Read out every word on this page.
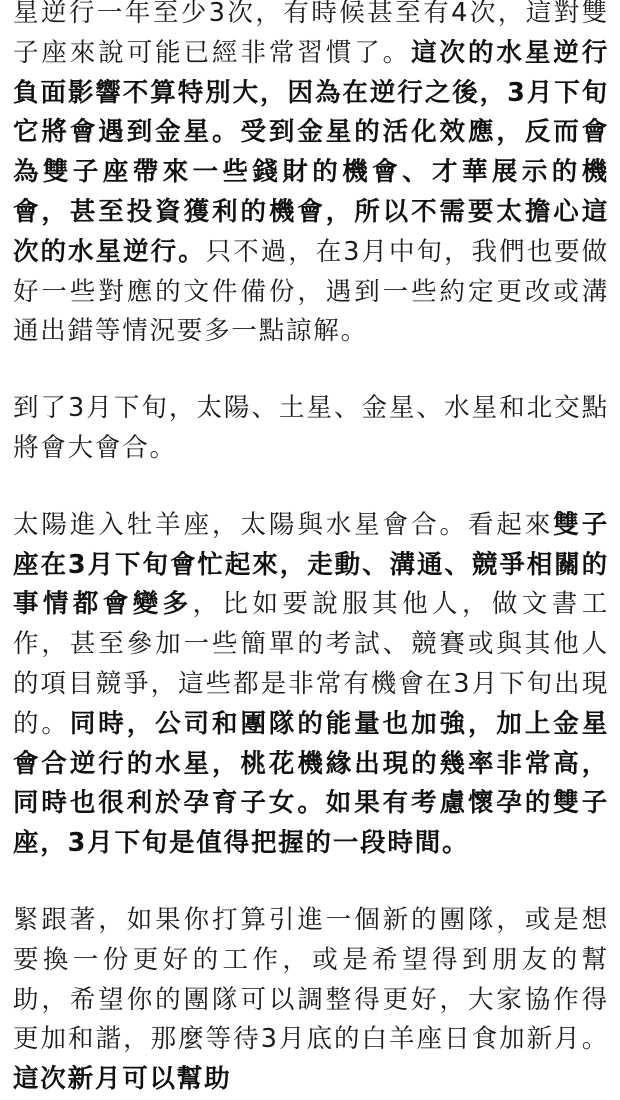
星逆行一年至少3次，有時候甚至有4次，這對雙子座來說可能已經非常習慣了。這次的水星逆行負面影響不算特別大，因為在逆行之後，3月下旬它將會遇到金星。受到金星的活化效應，反而會為雙子座帶來一些錢財的機會、才華展示的機會，甚至投資獲利的機會，所以不需要太擔心這次的水星逆行。只不過，在3月中旬，我們也要做好一些對應的文件備份，遇到一些約定更改或溝通出錯等情況要多一點諒解。

到了3月下旬，太陽、土星、金星、水星和北交點將會大會合。

太陽進入牡羊座，太陽與水星會合。看起來雙子座在3月下旬會忙起來，走動、溝通、競爭相關的事情都會變多，比如要說服其他人，做文書工作，甚至參加一些簡單的考試、競賽或與其他人的項目競爭，這些都是非常有機會在3月下旬出現的。同時，公司和團隊的能量也加強，加上金星會合逆行的水星，桃花機緣出現的幾率非常高，同時也很利於孕育子女。如果有考慮懷孕的雙子座，3月下旬是值得把握的一段時間。

緊跟著，如果你打算引進一個新的團隊，或是想要換一份更好的工作，或是希望得到朋友的幫助，希望你的團隊可以調整得更好，大家協作得更加和諧，那麼等待3月底的白羊座日食加新月。這次新月可以幫助
